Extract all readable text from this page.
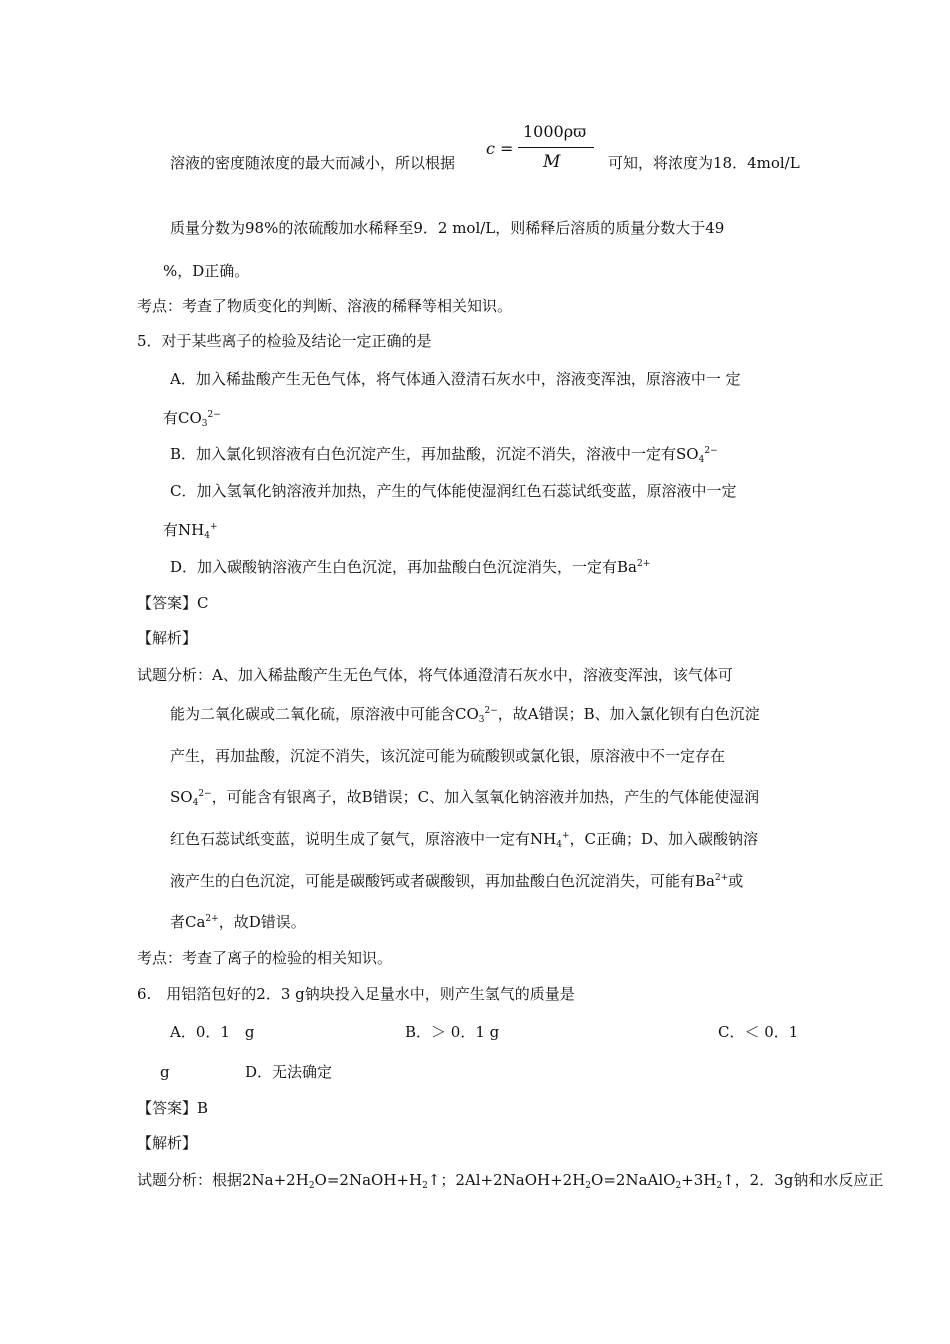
溶液的密度随浓度的最大而减小，所以根据
c =
1000ρϖ
M	可知，将浓度为18．4mol/L
质量分数为98%的浓硫酸加水稀释至9．2 mol/L，则稀释后溶质的质量分数大于49
%，D正确。
考点：考查了物质变化的判断、溶液的稀释等相关知识。
5．对于某些离子的检验及结论一定正确的是
A．加入稀盐酸产生无色气体，将气体通入澄清石灰水中，溶液变浑浊，原溶液中一 定
有$CO_3^{2-}$
B．加入氯化钡溶液有白色沉淀产生，再加盐酸，沉淀不消失，溶液中一定有$SO_4^{2-}$
C．加入氢氧化钠溶液并加热，产生的气体能使湿润红色石蕊试纸变蓝，原溶液中一定
有$NH_4^+$
D．加入碳酸钠溶液产生白色沉淀，再加盐酸白色沉淀消失，一定有$Ba^{2+}$
【答案】C
【解析】
试题分析：A、加入稀盐酸产生无色气体，将气体通澄清石灰水中，溶液变浑浊，该气体可
能为二氧化碳或二氧化硫，原溶液中可能含$CO_3^{2-}$，故A错误；B、加入氯化钡有白色沉淀
产生，再加盐酸，沉淀不消失，该沉淀可能为硫酸钡或氯化银，原溶液中不一定存在
$SO_4^{2-}$，可能含有银离子，故B错误；C、加入氢氧化钠溶液并加热，产生的气体能使湿润
红色石蕊试纸变蓝，说明生成了氨气，原溶液中一定有$NH_4^+$，C正确；D、加入碳酸钠溶
液产生的白色沉淀，可能是碳酸钙或者碳酸钡，再加盐酸白色沉淀消失，可能有$Ba^{2+}$或
者$Ca^{2+}$，故D错误。
考点：考查了离子的检验的相关知识。
6.　用铝箔包好的2．3 g钠块投入足量水中，则产生氢气的质量是
A．0．1　g	B．＞ 0．1 g	C．＜ 0．1
g	D．无法确定
【答案】B
【解析】
试题分析：根据$2Na+2H_2O=2NaOH+H_2↑$；$2Al+2NaOH+2H_2O=2NaAlO_2+3H_2↑$，2．3g钠和水反应正
